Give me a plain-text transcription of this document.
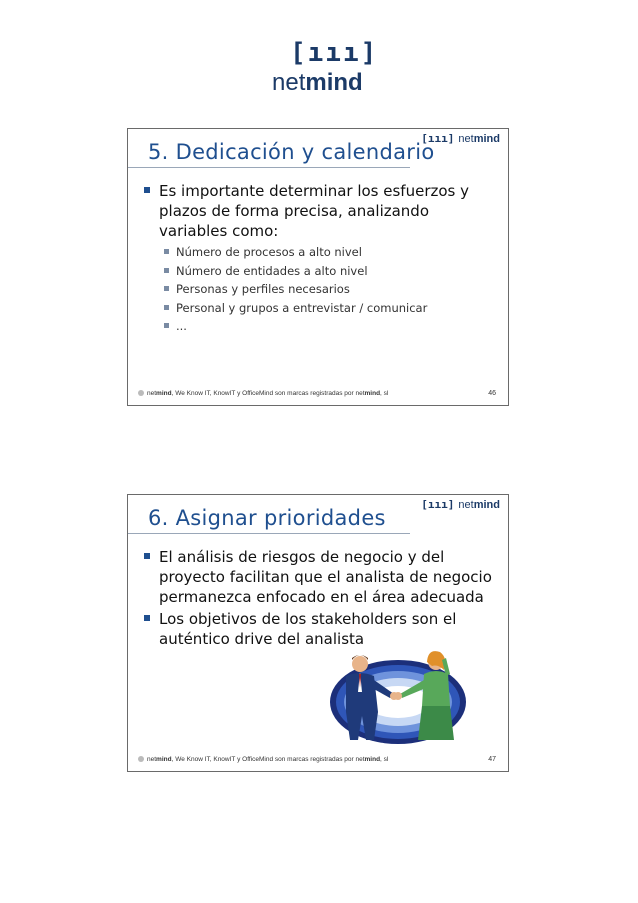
[ııı]
netmind
[ııı] netmind
5. Dedicación y calendario
Es importante determinar los esfuerzos y plazos de forma precisa, analizando variables como:
Número de procesos a alto nivel
Número de entidades a alto nivel
Personas y perfiles necesarios
Personal y grupos a entrevistar / comunicar
...
netmind, We Know IT, KnowIT y OfficeMind son marcas registradas por netmind, sl	46
[ııı] netmind
6. Asignar prioridades
El análisis de riesgos de negocio y del proyecto facilitan que el analista de negocio permanezca enfocado en el área adecuada
Los objetivos de los stakeholders son el auténtico drive del analista
netmind, We Know IT, KnowIT y OfficeMind son marcas registradas por netmind, sl	47
